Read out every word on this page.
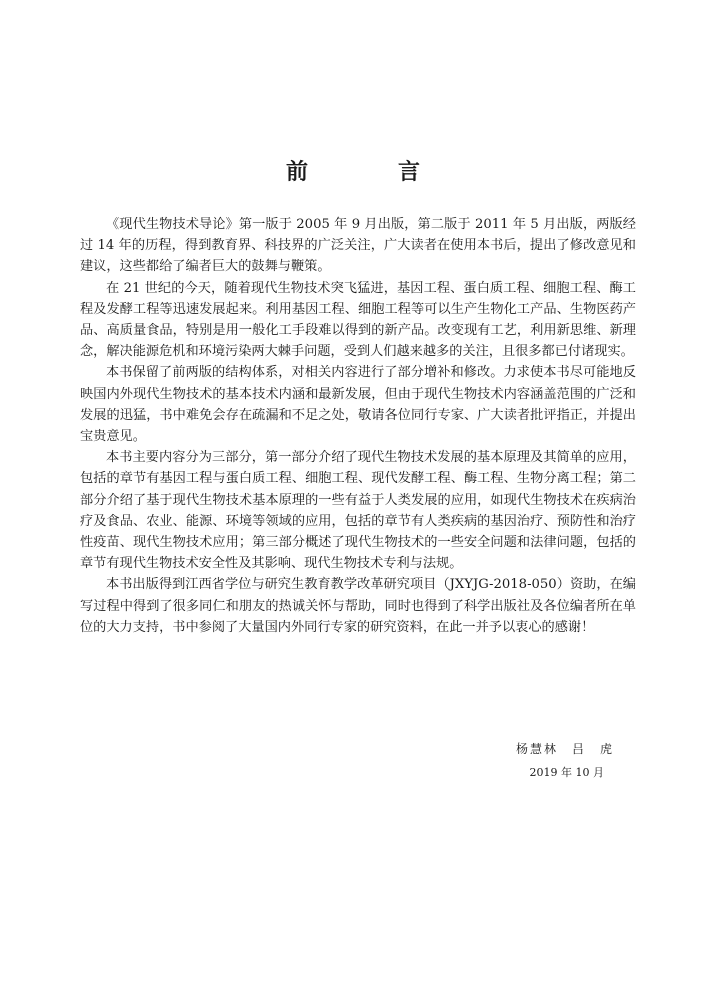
前　言

《现代生物技术导论》第一版于 2005 年 9 月出版，第二版于 2011 年 5 月出版，两版经过 14 年的历程，得到教育界、科技界的广泛关注，广大读者在使用本书后，提出了修改意见和建议，这些都给了编者巨大的鼓舞与鞭策。

在 21 世纪的今天，随着现代生物技术突飞猛进，基因工程、蛋白质工程、细胞工程、酶工程及发酵工程等迅速发展起来。利用基因工程、细胞工程等可以生产生物化工产品、生物医药产品、高质量食品，特别是用一般化工手段难以得到的新产品。改变现有工艺，利用新思维、新理念，解决能源危机和环境污染两大棘手问题，受到人们越来越多的关注，且很多都已付诸现实。

本书保留了前两版的结构体系，对相关内容进行了部分增补和修改。力求使本书尽可能地反映国内外现代生物技术的基本技术内涵和最新发展，但由于现代生物技术内容涵盖范围的广泛和发展的迅猛，书中难免会存在疏漏和不足之处，敬请各位同行专家、广大读者批评指正，并提出宝贵意见。

本书主要内容分为三部分，第一部分介绍了现代生物技术发展的基本原理及其简单的应用，包括的章节有基因工程与蛋白质工程、细胞工程、现代发酵工程、酶工程、生物分离工程；第二部分介绍了基于现代生物技术基本原理的一些有益于人类发展的应用，如现代生物技术在疾病治疗及食品、农业、能源、环境等领域的应用，包括的章节有人类疾病的基因治疗、预防性和治疗性疫苗、现代生物技术应用；第三部分概述了现代生物技术的一些安全问题和法律问题，包括的章节有现代生物技术安全性及其影响、现代生物技术专利与法规。

本书出版得到江西省学位与研究生教育教学改革研究项目（JXYJG-2018-050）资助，在编写过程中得到了很多同仁和朋友的热诚关怀与帮助，同时也得到了科学出版社及各位编者所在单位的大力支持，书中参阅了大量国内外同行专家的研究资料，在此一并予以衷心的感谢！

杨慧林　吕　虎
2019 年 10 月
